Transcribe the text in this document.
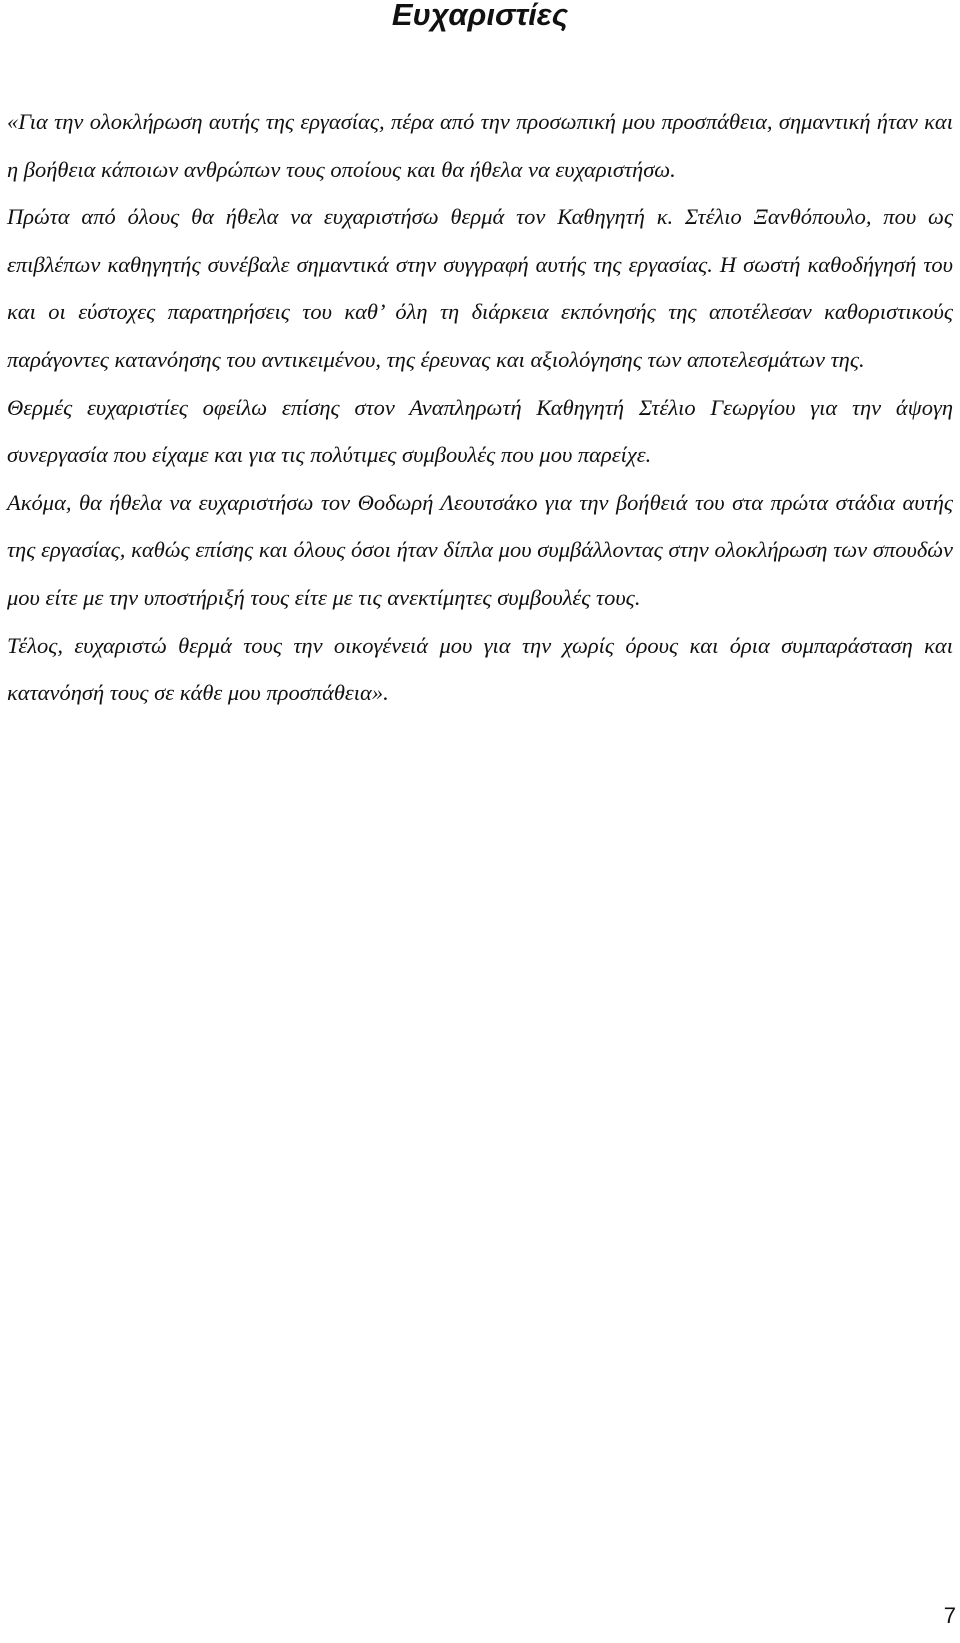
Ευχαριστίες

«Για την ολοκλήρωση αυτής της εργασίας, πέρα από την προσωπική μου προσπάθεια, σημαντική ήταν και η βοήθεια κάποιων ανθρώπων τους οποίους και θα ήθελα να ευχαριστήσω.

Πρώτα από όλους θα ήθελα να ευχαριστήσω θερμά τον Καθηγητή κ. Στέλιο Ξανθόπουλο, που ως επιβλέπων καθηγητής συνέβαλε σημαντικά στην συγγραφή αυτής της εργασίας. Η σωστή καθοδήγησή του και οι εύστοχες παρατηρήσεις του καθ’ όλη τη διάρκεια εκπόνησής της αποτέλεσαν καθοριστικούς παράγοντες κατανόησης του αντικειμένου, της έρευνας και αξιολόγησης των αποτελεσμάτων της.

Θερμές ευχαριστίες οφείλω επίσης στον Αναπληρωτή Καθηγητή Στέλιο Γεωργίου για την άψογη συνεργασία που είχαμε και για τις πολύτιμες συμβουλές που μου παρείχε.

Ακόμα, θα ήθελα να ευχαριστήσω τον Θοδωρή Λεουτσάκο για την βοήθειά του στα πρώτα στάδια αυτής της εργασίας, καθώς επίσης και όλους όσοι ήταν δίπλα μου συμβάλλοντας στην ολοκλήρωση των σπουδών μου είτε με την υποστήριξή τους είτε με τις ανεκτίμητες συμβουλές τους.

Τέλος, ευχαριστώ θερμά τους την οικογένειά μου για την χωρίς όρους και όρια συμπαράσταση και κατανόησή τους σε κάθε μου προσπάθεια».

7
